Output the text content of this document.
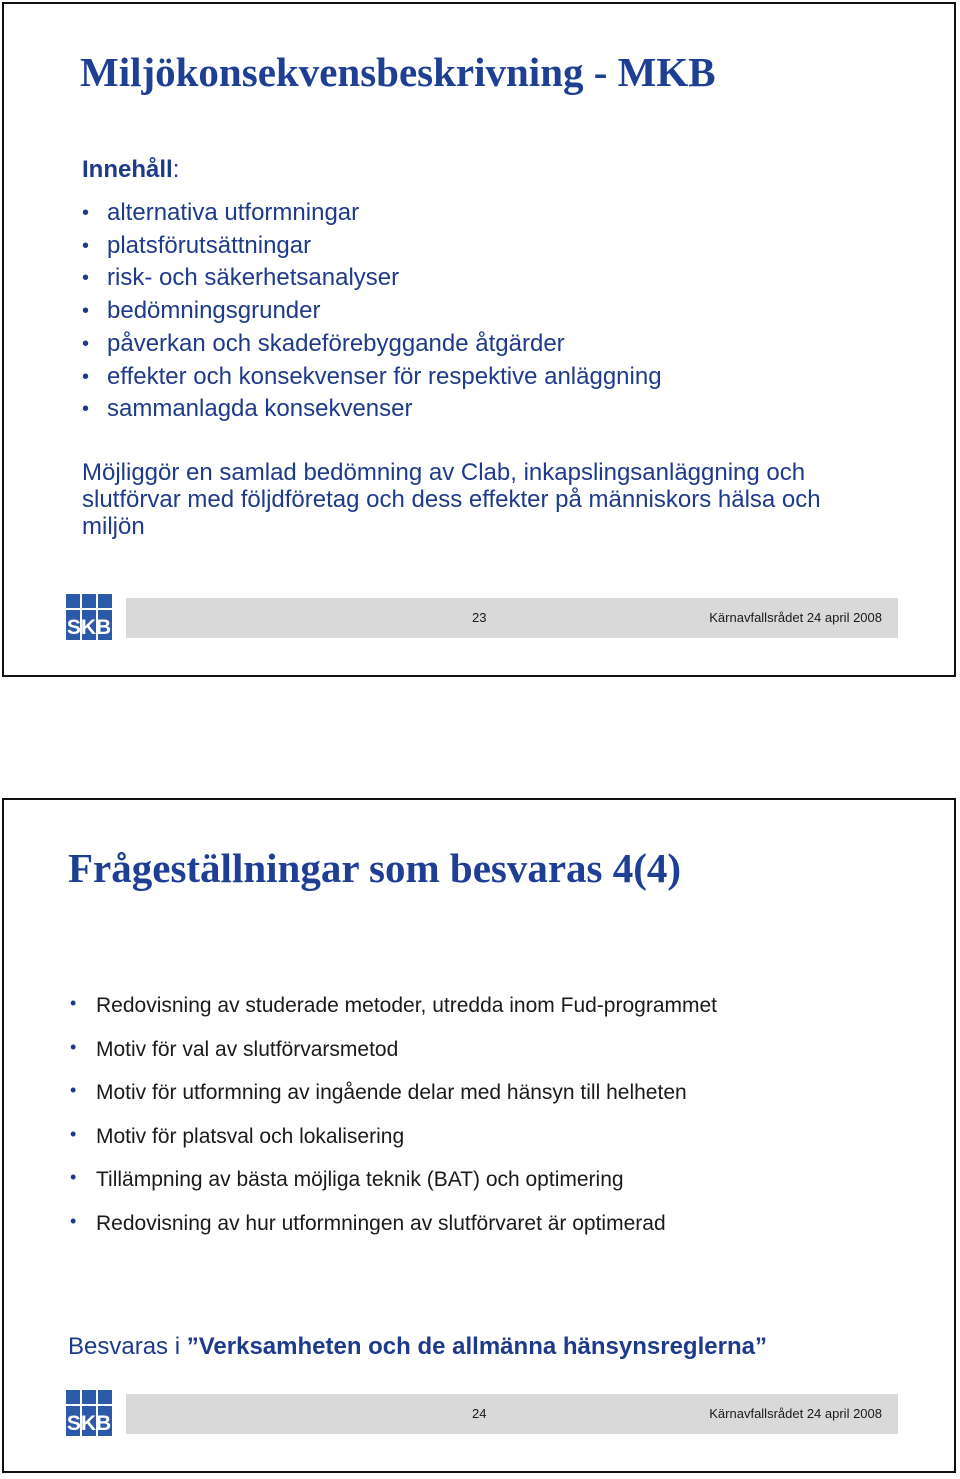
Miljökonsekvensbeskrivning - MKB
Innehåll:
• alternativa utformningar
• platsförutsättningar
• risk- och säkerhetsanalyser
• bedömningsgrunder
• påverkan och skadeförebyggande åtgärder
• effekter och konsekvenser för respektive anläggning
• sammanlagda konsekvenser

Möjliggör en samlad bedömning av Clab, inkapslingsanläggning och slutförvar med följdföretag och dess effekter på människors hälsa och miljön

SKB	23	Kärnavfallsrådet 24 april 2008
Frågeställningar som besvaras 4(4)
• Redovisning av studerade metoder, utredda inom Fud-programmet
• Motiv för val av slutförvarsmetod
• Motiv för utformning av ingående delar med hänsyn till helheten
• Motiv för platsval och lokalisering
• Tillämpning av bästa möjliga teknik (BAT) och optimering
• Redovisning av hur utformningen av slutförvaret är optimerad
Besvaras i ”Verksamheten och de allmänna hänsynsreglerna”
SKB	24	Kärnavfallsrådet 24 april 2008
